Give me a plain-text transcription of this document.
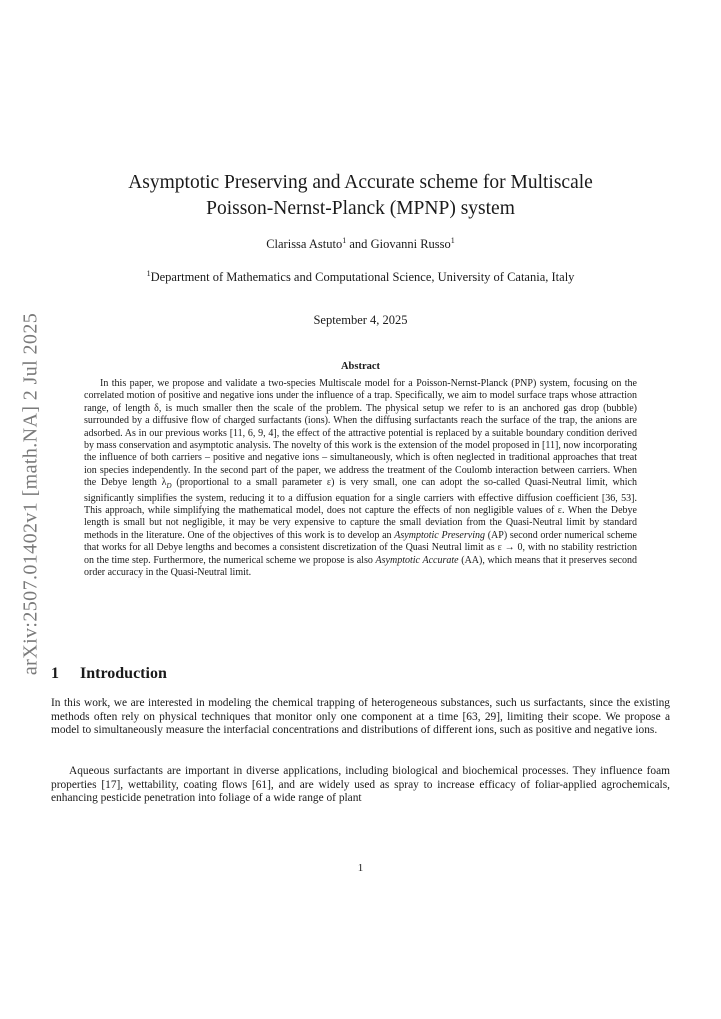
arXiv:2507.01402v1 [math.NA] 2 Jul 2025
Asymptotic Preserving and Accurate scheme for Multiscale
Poisson-Nernst-Planck (MPNP) system
Clarissa Astuto$^1$ and Giovanni Russo$^1$
$^1$Department of Mathematics and Computational Science, University of Catania, Italy
September 4, 2025
Abstract

In this paper, we propose and validate a two-species Multiscale model for a Poisson-Nernst-Planck (PNP) system, focusing on the correlated motion of positive and negative ions under the influence of a trap. Specifically, we aim to model surface traps whose attraction range, of length δ, is much smaller then the scale of the problem. The physical setup we refer to is an anchored gas drop (bubble) surrounded by a diffusive flow of charged surfactants (ions). When the diffusing surfactants reach the surface of the trap, the anions are adsorbed. As in our previous works [11, 6, 9, 4], the effect of the attractive potential is replaced by a suitable boundary condition derived by mass conservation and asymptotic analysis. The novelty of this work is the extension of the model proposed in [11], now incorporating the influence of both carriers – positive and negative ions – simultaneously, which is often neglected in traditional approaches that treat ion species independently. In the second part of the paper, we address the treatment of the Coulomb interaction between carriers. When the Debye length $\lambda_D$ (proportional to a small parameter ε) is very small, one can adopt the so-called Quasi-Neutral limit, which significantly simplifies the system, reducing it to a diffusion equation for a single carriers with effective diffusion coefficient [36, 53]. This approach, while simplifying the mathematical model, does not capture the effects of non negligible values of ε. When the Debye length is small but not negligible, it may be very expensive to capture the small deviation from the Quasi-Neutral limit by standard methods in the literature. One of the objectives of this work is to develop an Asymptotic Preserving (AP) second order numerical scheme that works for all Debye lengths and becomes a consistent discretization of the Quasi Neutral limit as ε → 0, with no stability restriction on the time step. Furthermore, the numerical scheme we propose is also Asymptotic Accurate (AA), which means that it preserves second order accuracy in the Quasi-Neutral limit.

1 Introduction

In this work, we are interested in modeling the chemical trapping of heterogeneous substances, such us surfactants, since the existing methods often rely on physical techniques that monitor only one component at a time [63, 29], limiting their scope. We propose a model to simultaneously measure the interfacial concentrations and distributions of different ions, such as positive and negative ions.

Aqueous surfactants are important in diverse applications, including biological and biochemical processes. They influence foam properties [17], wettability, coating flows [61], and are widely used as spray to increase efficacy of foliar-applied agrochemicals, enhancing pesticide penetration into foliage of a wide range of plant

1
